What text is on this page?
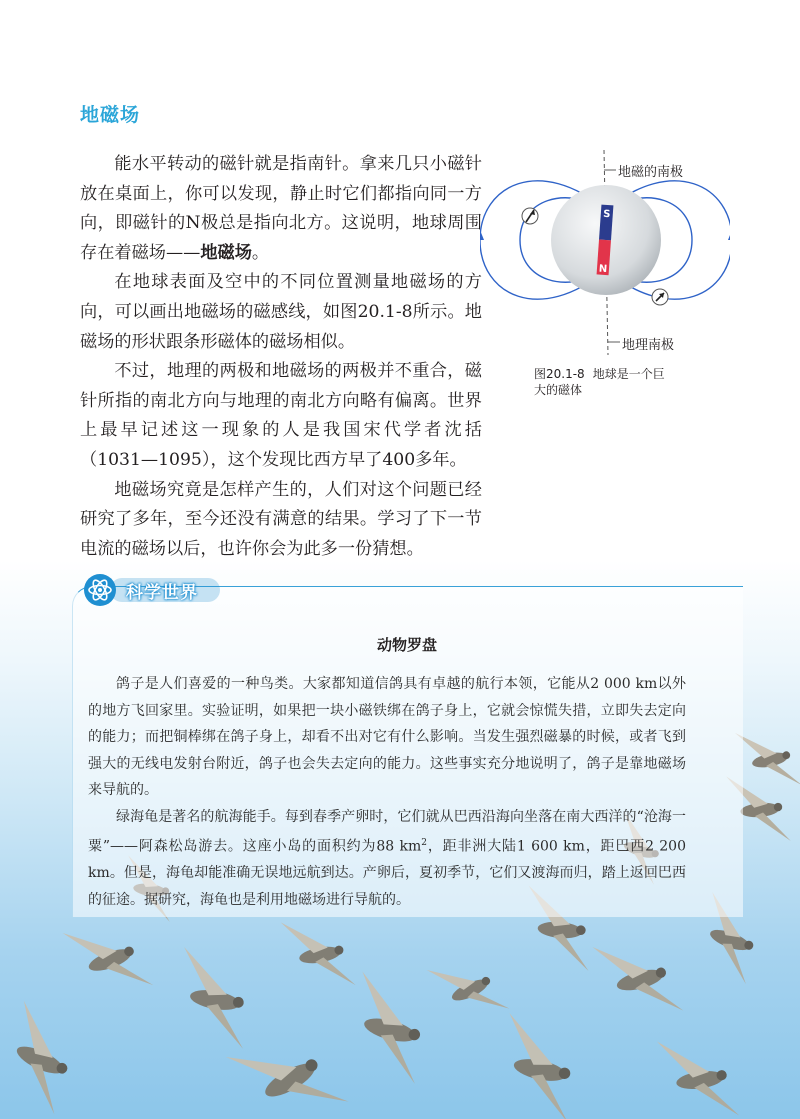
地磁场

能水平转动的磁针就是指南针。拿来几只小磁针放在桌面上，你可以发现，静止时它们都指向同一方向，即磁针的N极总是指向北方。这说明，地球周围存在着磁场——地磁场。

在地球表面及空中的不同位置测量地磁场的方向，可以画出地磁场的磁感线，如图20.1-8所示。地磁场的形状跟条形磁体的磁场相似。

不过，地理的两极和地磁场的两极并不重合，磁针所指的南北方向与地理的南北方向略有偏离。世界上最早记述这一现象的人是我国宋代学者沈括（1031—1095），这个发现比西方早了400多年。

地磁场究竟是怎样产生的，人们对这个问题已经研究了多年，至今还没有满意的结果。学习了下一节电流的磁场以后，也许你会为此多一份猜想。

S
N
地磁的南极
地理南极
图20.1-8 地球是一个巨大的磁体
科学世界
动物罗盘

鸽子是人们喜爱的一种鸟类。大家都知道信鸽具有卓越的航行本领，它能从2 000 km以外的地方飞回家里。实验证明，如果把一块小磁铁绑在鸽子身上，它就会惊慌失措，立即失去定向的能力；而把铜棒绑在鸽子身上，却看不出对它有什么影响。当发生强烈磁暴的时候，或者飞到强大的无线电发射台附近，鸽子也会失去定向的能力。这些事实充分地说明了，鸽子是靠地磁场来导航的。

绿海龟是著名的航海能手。每到春季产卵时，它们就从巴西沿海向坐落在南大西洋的“沧海一粟”——阿森松岛游去。这座小岛的面积约为88 $km^2$，距非洲大陆1 600 km，距巴西2 200 km。但是，海龟却能准确无误地远航到达。产卵后，夏初季节，它们又渡海而归，踏上返回巴西的征途。据研究，海龟也是利用地磁场进行导航的。
